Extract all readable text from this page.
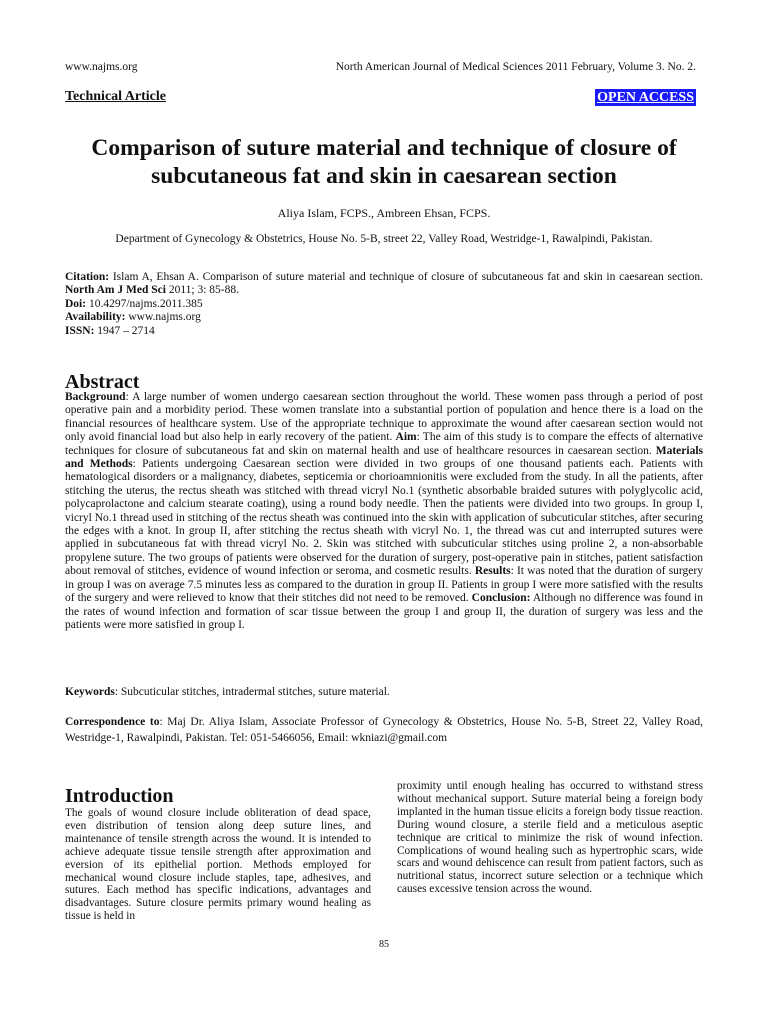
www.najms.org	North American Journal of Medical Sciences 2011 February, Volume 3. No. 2.
Technical Article	OPEN ACCESS
Comparison of suture material and technique of closure of subcutaneous fat and skin in caesarean section
Aliya Islam, FCPS., Ambreen Ehsan, FCPS.
Department of Gynecology & Obstetrics, House No. 5-B, street 22, Valley Road, Westridge-1, Rawalpindi, Pakistan.
Citation: Islam A, Ehsan A. Comparison of suture material and technique of closure of subcutaneous fat and skin in caesarean section. North Am J Med Sci 2011; 3: 85-88.
Doi: 10.4297/najms.2011.385
Availability: www.najms.org
ISSN: 1947 – 2714
Abstract
Background: A large number of women undergo caesarean section throughout the world. These women pass through a period of post operative pain and a morbidity period. These women translate into a substantial portion of population and hence there is a load on the financial resources of healthcare system. Use of the appropriate technique to approximate the wound after caesarean section would not only avoid financial load but also help in early recovery of the patient. Aim: The aim of this study is to compare the effects of alternative techniques for closure of subcutaneous fat and skin on maternal health and use of healthcare resources in caesarean section. Materials and Methods: Patients undergoing Caesarean section were divided in two groups of one thousand patients each. Patients with hematological disorders or a malignancy, diabetes, septicemia or chorioamnionitis were excluded from the study. In all the patients, after stitching the uterus, the rectus sheath was stitched with thread vicryl No.1 (synthetic absorbable braided sutures with polyglycolic acid, polycaprolactone and calcium stearate coating), using a round body needle. Then the patients were divided into two groups. In group I, vicryl No.1 thread used in stitching of the rectus sheath was continued into the skin with application of subcuticular stitches, after securing the edges with a knot. In group II, after stitching the rectus sheath with vicryl No. 1, the thread was cut and interrupted sutures were applied in subcutaneous fat with thread vicryl No. 2. Skin was stitched with subcuticular stitches using proline 2, a non-absorbable propylene suture. The two groups of patients were observed for the duration of surgery, post-operative pain in stitches, patient satisfaction about removal of stitches, evidence of wound infection or seroma, and cosmetic results. Results: It was noted that the duration of surgery in group I was on average 7.5 minutes less as compared to the duration in group II. Patients in group I were more satisfied with the results of the surgery and were relieved to know that their stitches did not need to be removed. Conclusion: Although no difference was found in the rates of wound infection and formation of scar tissue between the group I and group II, the duration of surgery was less and the patients were more satisfied in group I.
Keywords: Subcuticular stitches, intradermal stitches, suture material.
Correspondence to: Maj Dr. Aliya Islam, Associate Professor of Gynecology & Obstetrics, House No. 5-B, Street 22, Valley Road, Westridge-1, Rawalpindi, Pakistan. Tel: 051-5466056, Email: wkniazi@gmail.com
Introduction
The goals of wound closure include obliteration of dead space, even distribution of tension along deep suture lines, and maintenance of tensile strength across the wound. It is intended to achieve adequate tissue tensile strength after approximation and eversion of its epithelial portion. Methods employed for mechanical wound closure include staples, tape, adhesives, and sutures. Each method has specific indications, advantages and disadvantages. Suture closure permits primary wound healing as tissue is held in
proximity until enough healing has occurred to withstand stress without mechanical support. Suture material being a foreign body implanted in the human tissue elicits a foreign body tissue reaction. During wound closure, a sterile field and a meticulous aseptic technique are critical to minimize the risk of wound infection. Complications of wound healing such as hypertrophic scars, wide scars and wound dehiscence can result from patient factors, such as nutritional status, incorrect suture selection or a technique which causes excessive tension across the wound.
85
